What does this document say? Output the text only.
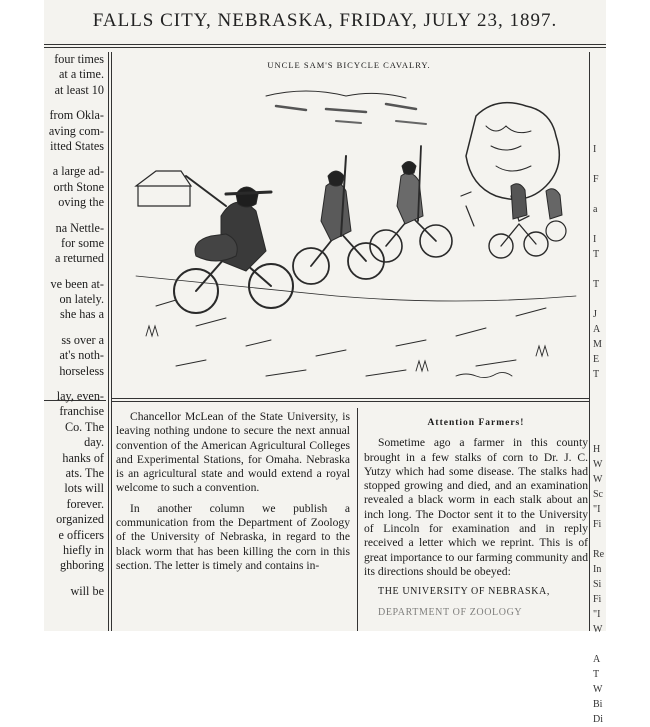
FALLS CITY, NEBRASKA, FRIDAY, JULY 23, 1897.
four times
at a time.
at least 10
from Okla-
aving com-
itted States
a large ad-
orth Stone
oving the
na Nettle-
for some
a returned
ve been at-
on lately.
she has a
ss over a
at's noth-
horseless
lay, even-
franchise
Co. The
day.
hanks of
ats. The
lots will
forever.
organized
e officers
hiefly in
ghboring
will be
I
F
a
I
T
T
J
A
M
E
T
H
W
W
Sc
"I
Fi
Re
In
Si
Fi
"I
W
A
T
W
Bi
Di
UNCLE SAM'S BICYCLE CAVALRY.

Chancellor McLean of the State University, is leaving nothing undone to secure the next annual convention of the American Agricultural Colleges and Experimental Stations, for Omaha. Nebraska is an agricultural state and would extend a royal welcome to such a convention.

In another column we publish a communication from the Department of Zoology of the University of Nebraska, in regard to the black worm that has been killing the corn in this section. The letter is timely and contains in-

Attention Farmers!

Sometime ago a farmer in this county brought in a few stalks of corn to Dr. J. C. Yutzy which had some disease. The stalks had stopped growing and died, and an examination revealed a black worm in each stalk about an inch long. The Doctor sent it to the University of Lincoln for examination and in reply received a letter which we reprint. This is of great importance to our farming community and its directions should be obeyed:

THE UNIVERSITY OF NEBRASKA,

DEPARTMENT OF ZOOLOGY
